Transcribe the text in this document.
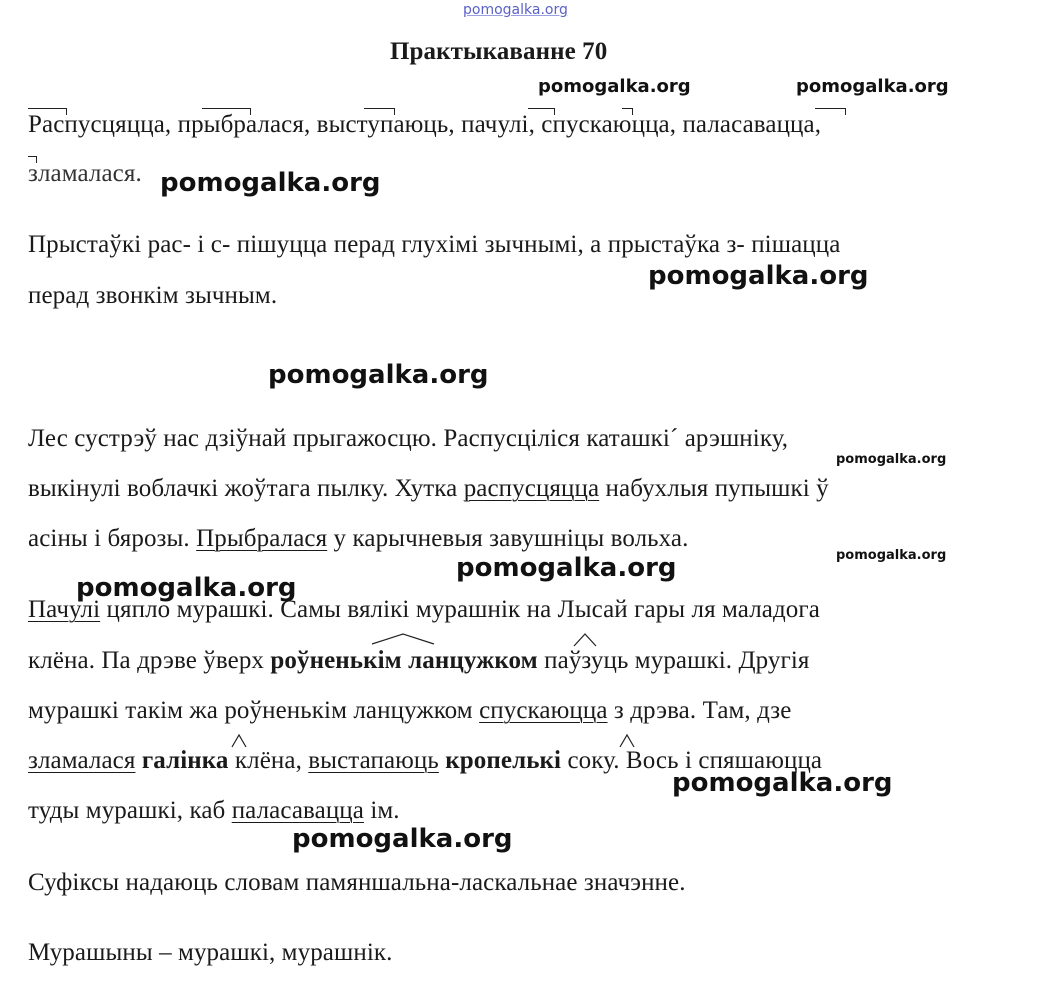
pomogalka.org
Практыкаванне 70
pomogalka.org	pomogalka.org
Распусцяцца, прыбралася, выступаюць, пачулі, спускаюцца, паласавацца,
зламалася. pomogalka.org
Прыстаўкі рас- і с- пішуцца перад глухімі зычнымі, а прыстаўка з- пішацца
pomogalka.org
перад звонкім зычным.
pomogalka.org
Лес сустрэў нас дзіўнай прыгажосцю. Распусціліся каташкі´ арэшніку,
pomogalka.org
выкінулі воблачкі жоўтага пылку. Хутка распусцяцца набухлыя пупышкі ў
асіны і бярозы. Прыбралася у карычневыя завушніцы вольха.
pomogalka.org
pomogalka.org
pomogalka.org
Пачулі цяпло мурашкі. Самы вялікі мурашнік на Лысай гары ля маладога
клёна. Па дрэве ўверх роўненькім ланцужком паўзуць мурашкі. Другія
мурашкі такім жа роўненькім ланцужком спускаюцца з дрэва. Там, дзе
зламалася галінка клёна, выстапаюць кропелькі соку. Вось і спяшаюцца
pomogalka.org
туды мурашкі, каб паласавацца ім.
pomogalka.org
Суфіксы надаюць словам памяншальна-ласкальнае значэнне.
Мурашыны – мурашкі, мурашнік.
